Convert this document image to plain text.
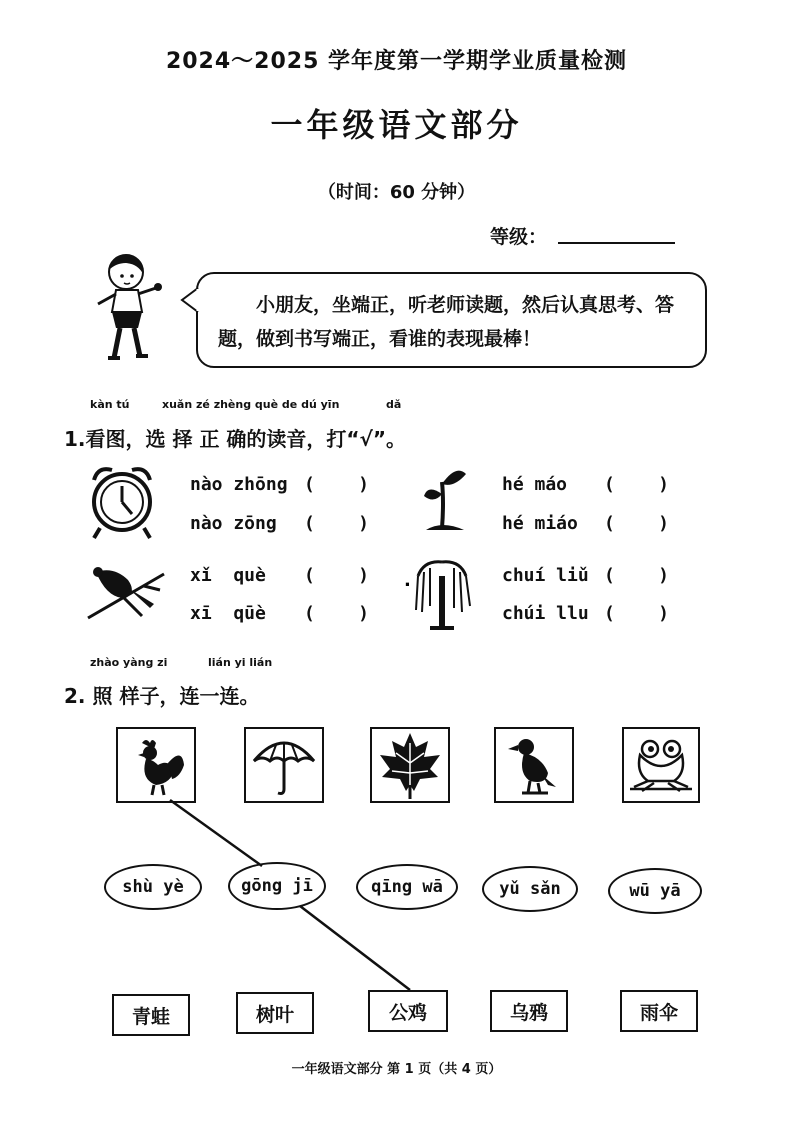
2024～2025 学年度第一学期学业质量检测
一年级语文部分
（时间：60 分钟）
等级：
小朋友，坐端正，听老师读题，然后认真思考、答题，做到书写端正，看谁的表现最棒！
kàn tú	xuǎn zé zhèng què de dú yīn	dǎ
1.看图，选 择 正 确的读音，打“√”。
.
nào zhōng (    )
nào zōng (    )
hé máo (    )
hé miáo (    )
xǐ  què (    )
xī  qūè (    )
chuí liǔ (    )
chúi llu (    )
zhào yàng zi	lián yi lián
2. 照 样子，连一连。
shù yè	gōng jī	qīng wā	yǔ sǎn	wū yā
青蛙	树叶	公鸡	乌鸦	雨伞
一年级语文部分 第 1 页（共 4 页）
